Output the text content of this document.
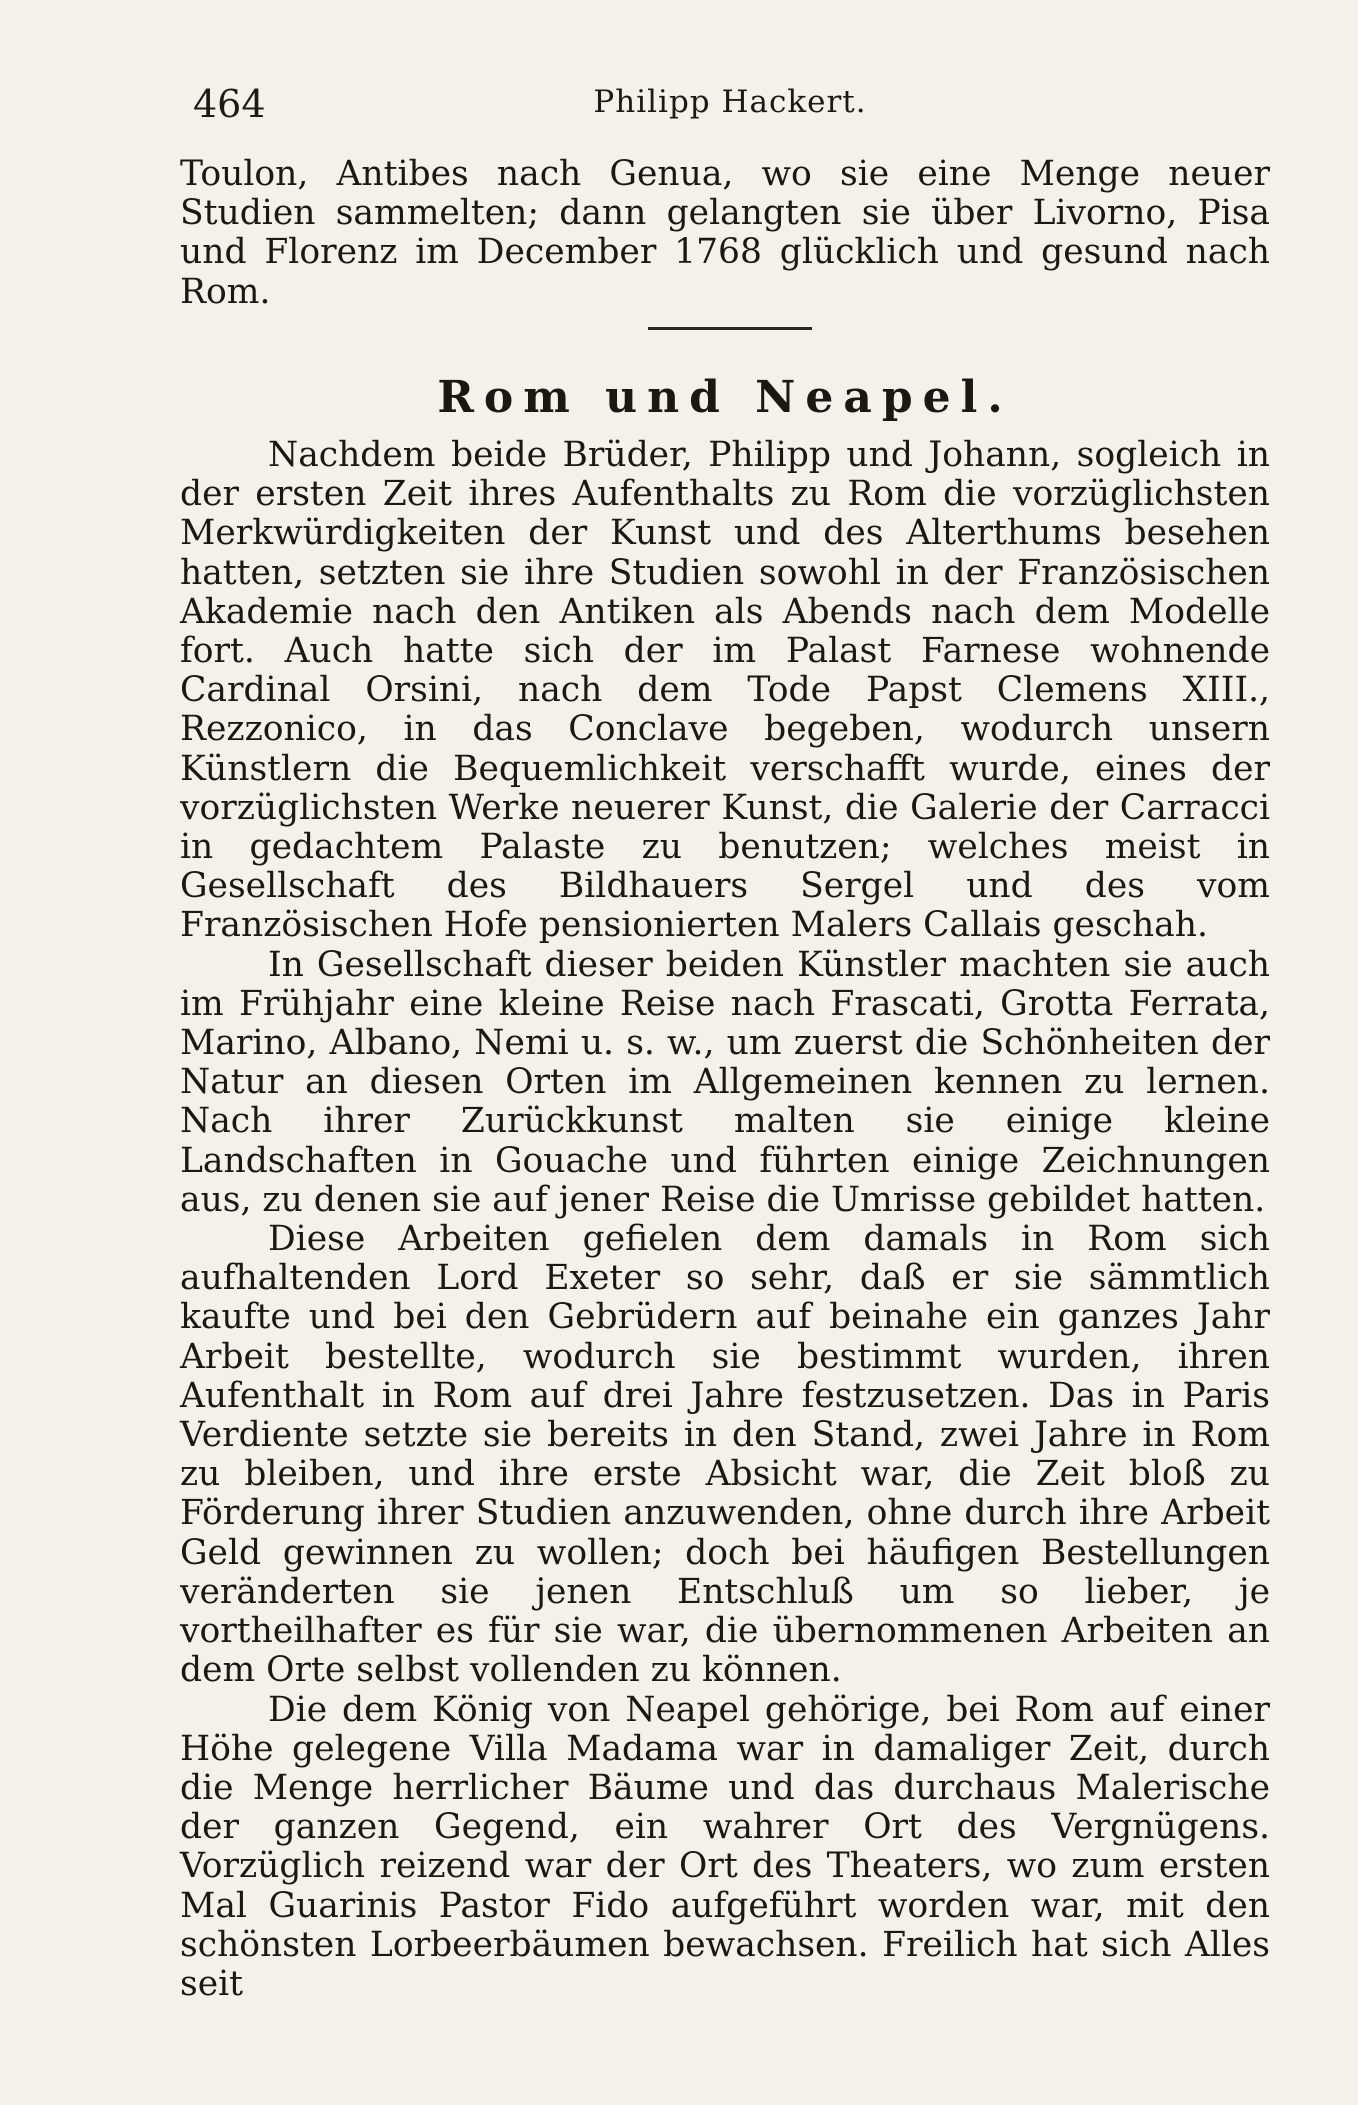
464	Philipp Hackert.

Toulon, Antibes nach Genua, wo sie eine Menge neuer Studien sammelten; dann gelangten sie über Livorno, Pisa und Florenz im December 1768 glücklich und gesund nach Rom.

Rom und Neapel.

Nachdem beide Brüder, Philipp und Johann, sogleich in der ersten Zeit ihres Aufenthalts zu Rom die vorzüglichsten Merkwürdigkeiten der Kunst und des Alterthums besehen hatten, setzten sie ihre Studien sowohl in der Französischen Akademie nach den Antiken als Abends nach dem Modelle fort. Auch hatte sich der im Palast Farnese wohnende Cardinal Orsini, nach dem Tode Papst Clemens XIII., Rezzonico, in das Conclave begeben, wodurch unsern Künstlern die Bequemlichkeit verschafft wurde, eines der vorzüglichsten Werke neuerer Kunst, die Galerie der Carracci in gedachtem Palaste zu benutzen; welches meist in Gesellschaft des Bildhauers Sergel und des vom Französischen Hofe pensionierten Malers Callais geschah.

In Gesellschaft dieser beiden Künstler machten sie auch im Frühjahr eine kleine Reise nach Frascati, Grotta Ferrata, Marino, Albano, Nemi u. s. w., um zuerst die Schönheiten der Natur an diesen Orten im Allgemeinen kennen zu lernen. Nach ihrer Zurückkunst malten sie einige kleine Landschaften in Gouache und führten einige Zeichnungen aus, zu denen sie auf jener Reise die Umrisse gebildet hatten.

Diese Arbeiten gefielen dem damals in Rom sich aufhaltenden Lord Exeter so sehr, daß er sie sämmtlich kaufte und bei den Gebrüdern auf beinahe ein ganzes Jahr Arbeit bestellte, wodurch sie bestimmt wurden, ihren Aufenthalt in Rom auf drei Jahre festzusetzen. Das in Paris Verdiente setzte sie bereits in den Stand, zwei Jahre in Rom zu bleiben, und ihre erste Absicht war, die Zeit bloß zu Förderung ihrer Studien anzuwenden, ohne durch ihre Arbeit Geld gewinnen zu wollen; doch bei häufigen Bestellungen veränderten sie jenen Entschluß um so lieber, je vortheilhafter es für sie war, die übernommenen Arbeiten an dem Orte selbst vollenden zu können.

Die dem König von Neapel gehörige, bei Rom auf einer Höhe gelegene Villa Madama war in damaliger Zeit, durch die Menge herrlicher Bäume und das durchaus Malerische der ganzen Gegend, ein wahrer Ort des Vergnügens. Vorzüglich reizend war der Ort des Theaters, wo zum ersten Mal Guarinis Pastor Fido aufgeführt worden war, mit den schönsten Lorbeerbäumen bewachsen. Freilich hat sich Alles seit
